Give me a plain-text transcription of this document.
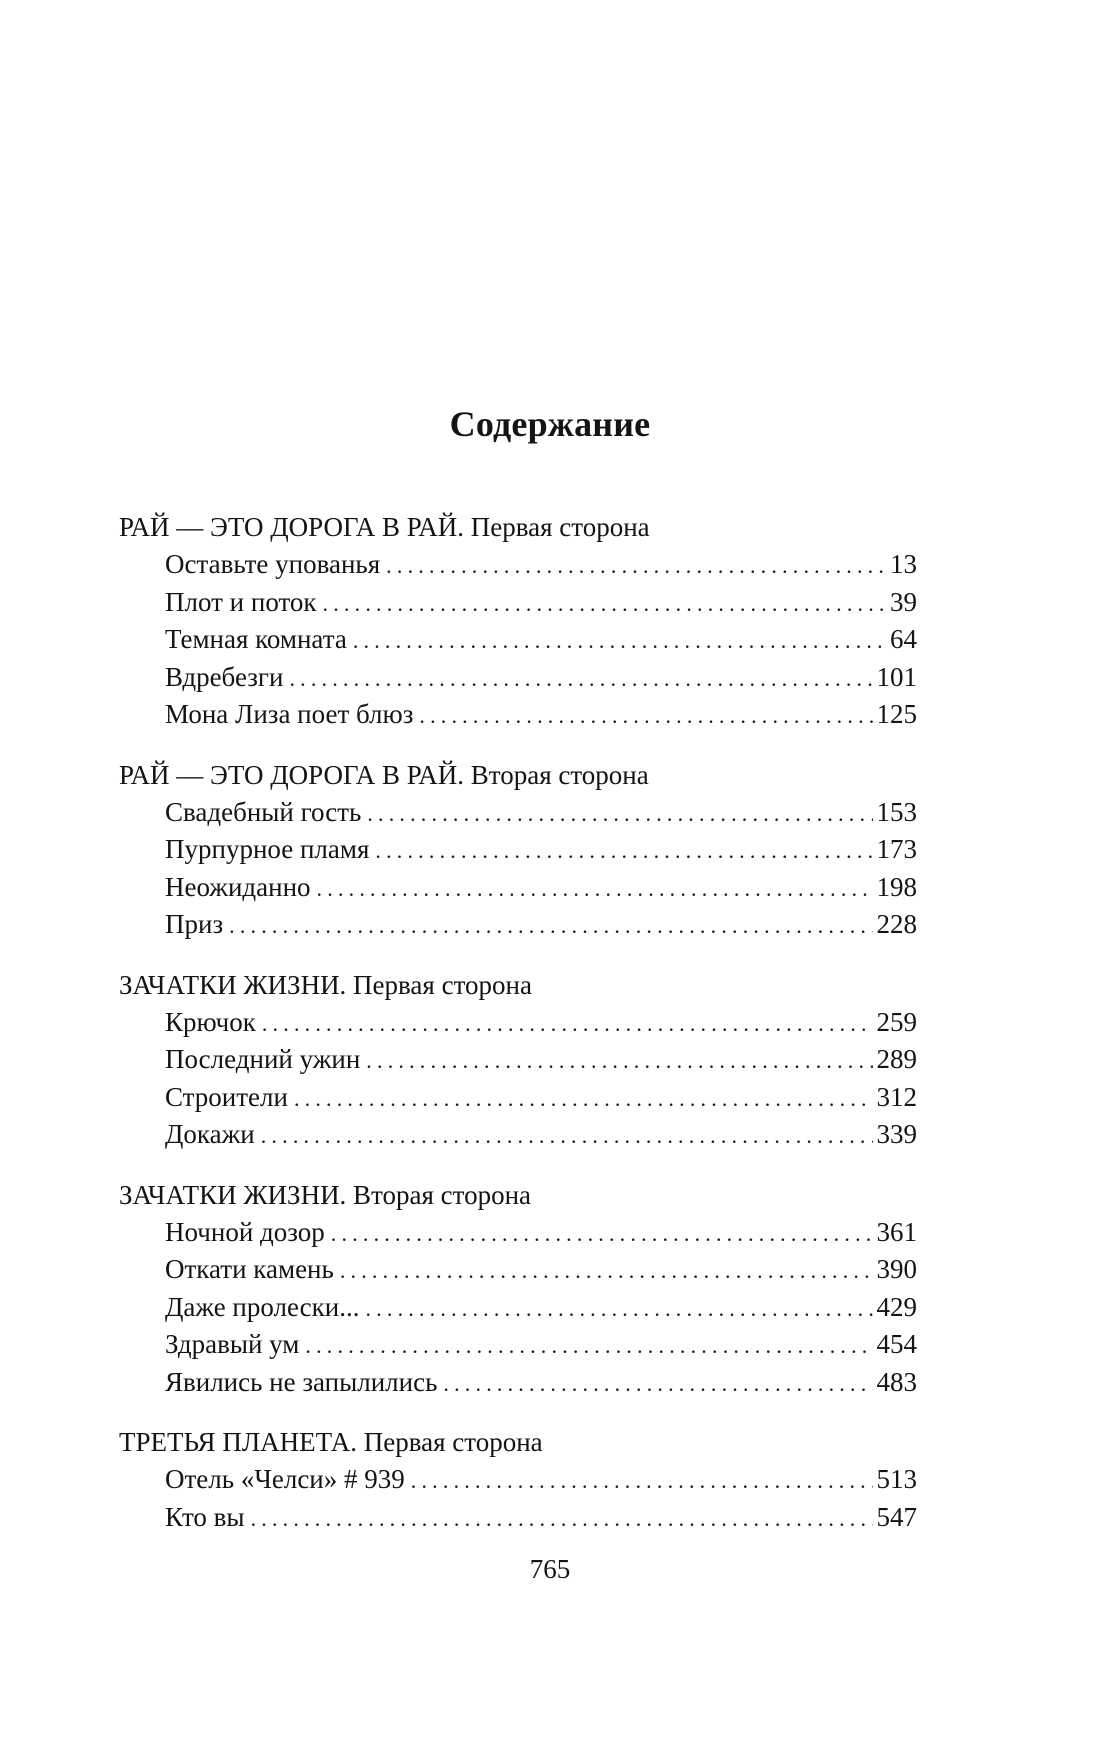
Содержание
РАЙ — ЭТО ДОРОГА В РАЙ. Первая сторона
Оставьте упованья .....	13
Плот и поток .....	39
Темная комната .....	64
Вдребезги .....	101
Мона Лиза поет блюз .....	125
РАЙ — ЭТО ДОРОГА В РАЙ. Вторая сторона
Свадебный гость .....	153
Пурпурное пламя .....	173
Неожиданно .....	198
Приз .....	228
ЗАЧАТКИ ЖИЗНИ. Первая сторона
Крючок .....	259
Последний ужин .....	289
Строители .....	312
Докажи .....	339
ЗАЧАТКИ ЖИЗНИ. Вторая сторона
Ночной дозор .....	361
Откати камень .....	390
Даже пролески... .....	429
Здравый ум .....	454
Явились не запылились .....	483
ТРЕТЬЯ ПЛАНЕТА. Первая сторона
Отель «Челси» # 939 .....	513
Кто вы .....	547
765
